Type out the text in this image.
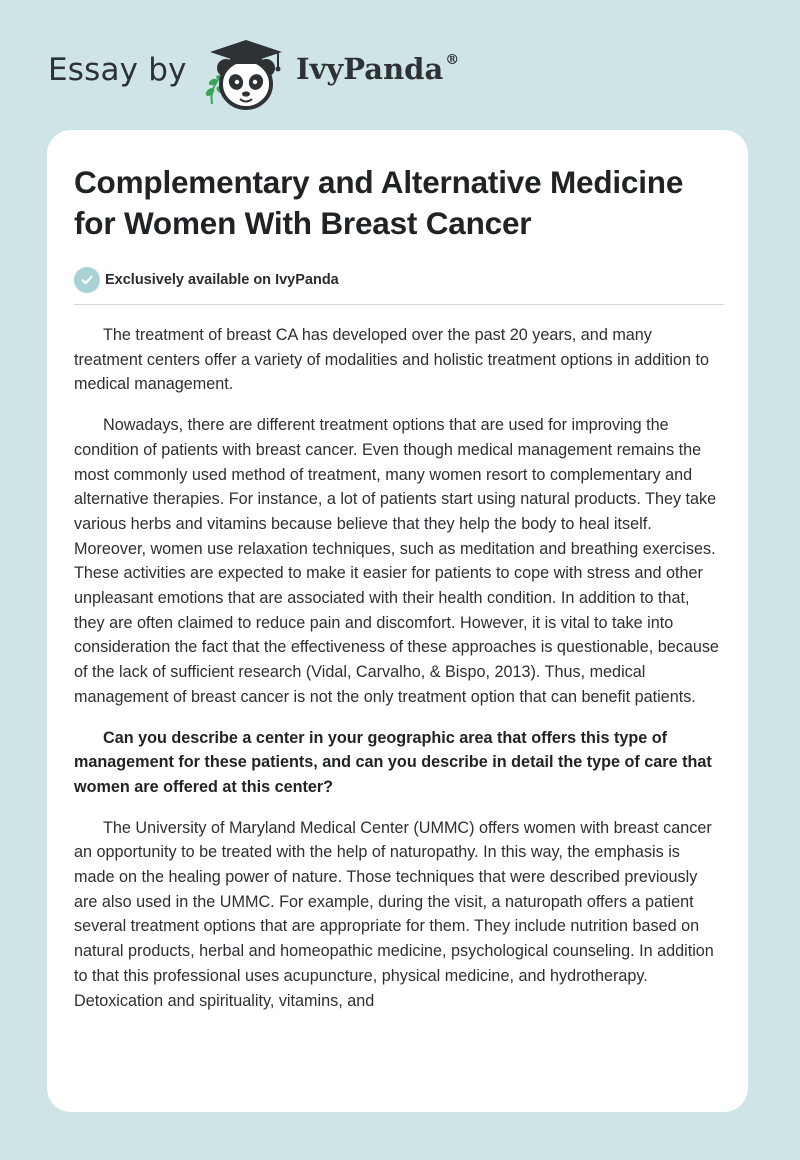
Essay by	IvyPanda ®
Complementary and Alternative Medicine for Women With Breast Cancer
Exclusively available on IvyPanda

The treatment of breast CA has developed over the past 20 years, and many treatment centers offer a variety of modalities and holistic treatment options in addition to medical management.

Nowadays, there are different treatment options that are used for improving the condition of patients with breast cancer. Even though medical management remains the most commonly used method of treatment, many women resort to complementary and alternative therapies. For instance, a lot of patients start using natural products. They take various herbs and vitamins because believe that they help the body to heal itself. Moreover, women use relaxation techniques, such as meditation and breathing exercises. These activities are expected to make it easier for patients to cope with stress and other unpleasant emotions that are associated with their health condition. In addition to that, they are often claimed to reduce pain and discomfort. However, it is vital to take into consideration the fact that the effectiveness of these approaches is questionable, because of the lack of sufficient research (Vidal, Carvalho, & Bispo, 2013). Thus, medical management of breast cancer is not the only treatment option that can benefit patients.

Can you describe a center in your geographic area that offers this type of management for these patients, and can you describe in detail the type of care that women are offered at this center?

The University of Maryland Medical Center (UMMC) offers women with breast cancer an opportunity to be treated with the help of naturopathy. In this way, the emphasis is made on the healing power of nature. Those techniques that were described previously are also used in the UMMC. For example, during the visit, a naturopath offers a patient several treatment options that are appropriate for them. They include nutrition based on natural products, herbal and homeopathic medicine, psychological counseling. In addition to that this professional uses acupuncture, physical medicine, and hydrotherapy. Detoxication and spirituality, vitamins, and
